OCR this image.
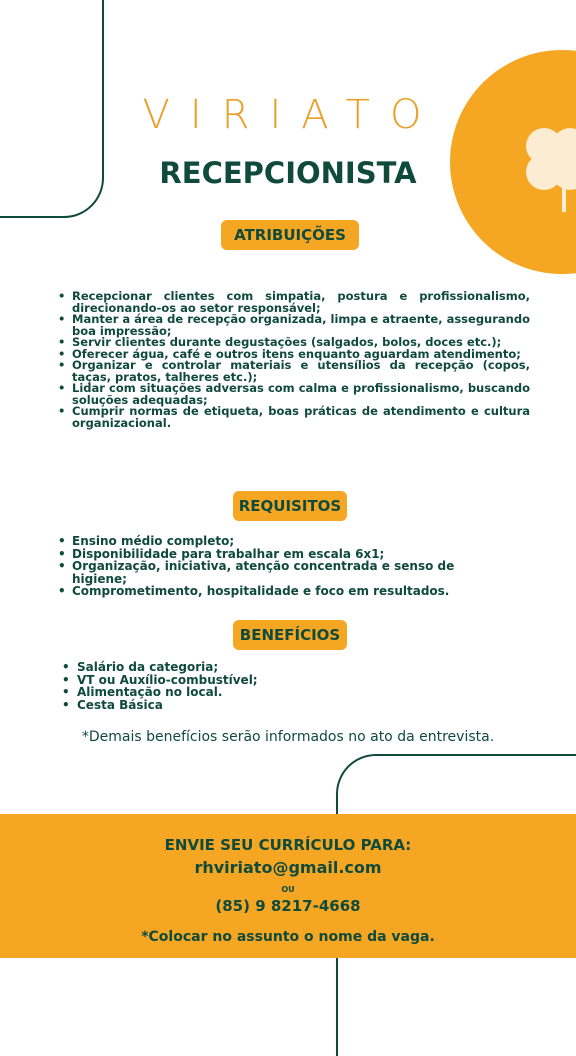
VIRIATO
RECEPCIONISTA
ATRIBUIÇÕES
• Recepcionar clientes com simpatia, postura e profissionalismo, direcionando-os ao setor responsável;
• Manter a área de recepção organizada, limpa e atraente, assegurando boa impressão;
• Servir clientes durante degustações (salgados, bolos, doces etc.);
• Oferecer água, café e outros itens enquanto aguardam atendimento;
• Organizar e controlar materiais e utensílios da recepção (copos, taças, pratos, talheres etc.);
• Lidar com situações adversas com calma e profissionalismo, buscando soluções adequadas;
• Cumprir normas de etiqueta, boas práticas de atendimento e cultura organizacional.
REQUISITOS
• Ensino médio completo;
• Disponibilidade para trabalhar em escala 6x1;
• Organização, iniciativa, atenção concentrada e senso de higiene;
• Comprometimento, hospitalidade e foco em resultados.
BENEFÍCIOS
• Salário da categoria;
• VT ou Auxílio-combustível;
• Alimentação no local.
• Cesta Básica
*Demais benefícios serão informados no ato da entrevista.
ENVIE SEU CURRÍCULO PARA:
rhviriato@gmail.com
OU
(85) 9 8217-4668
*Colocar no assunto o nome da vaga.
